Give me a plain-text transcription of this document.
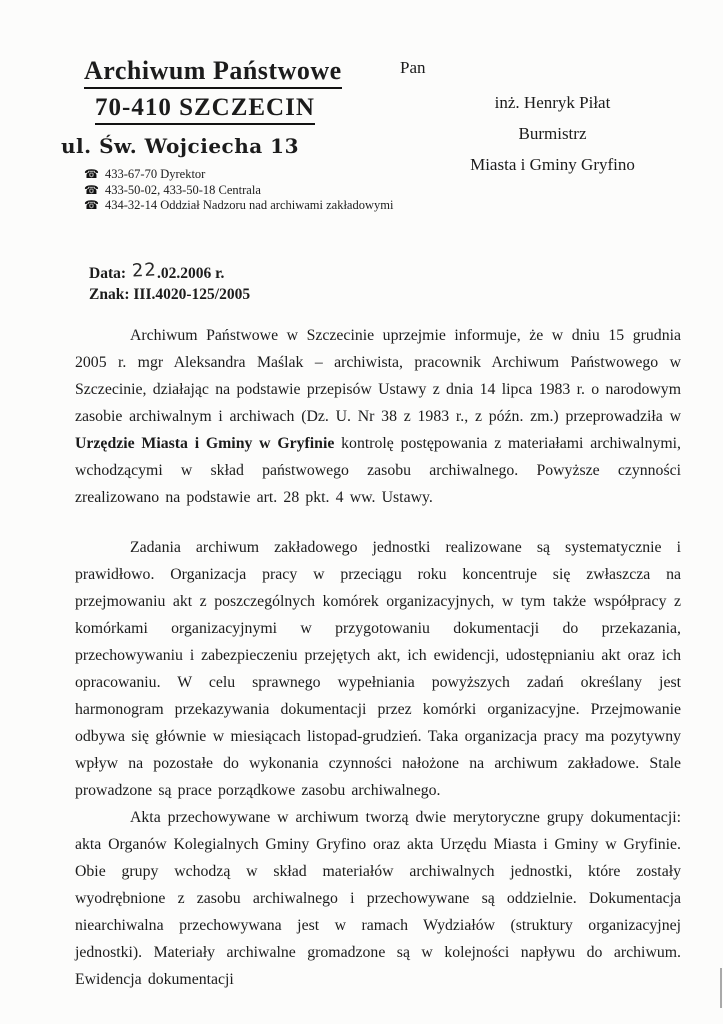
Archiwum Państwowe
70-410 SZCZECIN
ul. Św. Wojciecha 13
☎ 433-67-70 Dyrektor
☎ 433-50-02, 433-50-18 Centrala
☎ 434-32-14 Oddział Nadzoru nad archiwami zakładowymi
Pan
inż. Henryk Piłat
Burmistrz
Miasta i Gminy Gryfino
Data: 22.02.2006 r.
Znak: III.4020-125/2005

Archiwum Państwowe w Szczecinie uprzejmie informuje, że w dniu 15 grudnia 2005 r. mgr Aleksandra Maślak – archiwista, pracownik Archiwum Państwowego w Szczecinie, działając na podstawie przepisów Ustawy z dnia 14 lipca 1983 r. o narodowym zasobie archiwalnym i archiwach (Dz. U. Nr 38 z 1983 r., z późn. zm.) przeprowadziła w Urzędzie Miasta i Gminy w Gryfinie kontrolę postępowania z materiałami archiwalnymi, wchodzącymi w skład państwowego zasobu archiwalnego. Powyższe czynności zrealizowano na podstawie art. 28 pkt. 4 ww. Ustawy.

Zadania archiwum zakładowego jednostki realizowane są systematycznie i prawidłowo. Organizacja pracy w przeciągu roku koncentruje się zwłaszcza na przejmowaniu akt z poszczególnych komórek organizacyjnych, w tym także współpracy z komórkami organizacyjnymi w przygotowaniu dokumentacji do przekazania, przechowywaniu i zabezpieczeniu przejętych akt, ich ewidencji, udostępnianiu akt oraz ich opracowaniu. W celu sprawnego wypełniania powyższych zadań określany jest harmonogram przekazywania dokumentacji przez komórki organizacyjne. Przejmowanie odbywa się głównie w miesiącach listopad-grudzień. Taka organizacja pracy ma pozytywny wpływ na pozostałe do wykonania czynności nałożone na archiwum zakładowe. Stale prowadzone są prace porządkowe zasobu archiwalnego.

Akta przechowywane w archiwum tworzą dwie merytoryczne grupy dokumentacji: akta Organów Kolegialnych Gminy Gryfino oraz akta Urzędu Miasta i Gminy w Gryfinie. Obie grupy wchodzą w skład materiałów archiwalnych jednostki, które zostały wyodrębnione z zasobu archiwalnego i przechowywane są oddzielnie. Dokumentacja niearchiwalna przechowywana jest w ramach Wydziałów (struktury organizacyjnej jednostki). Materiały archiwalne gromadzone są w kolejności napływu do archiwum. Ewidencja dokumentacji
